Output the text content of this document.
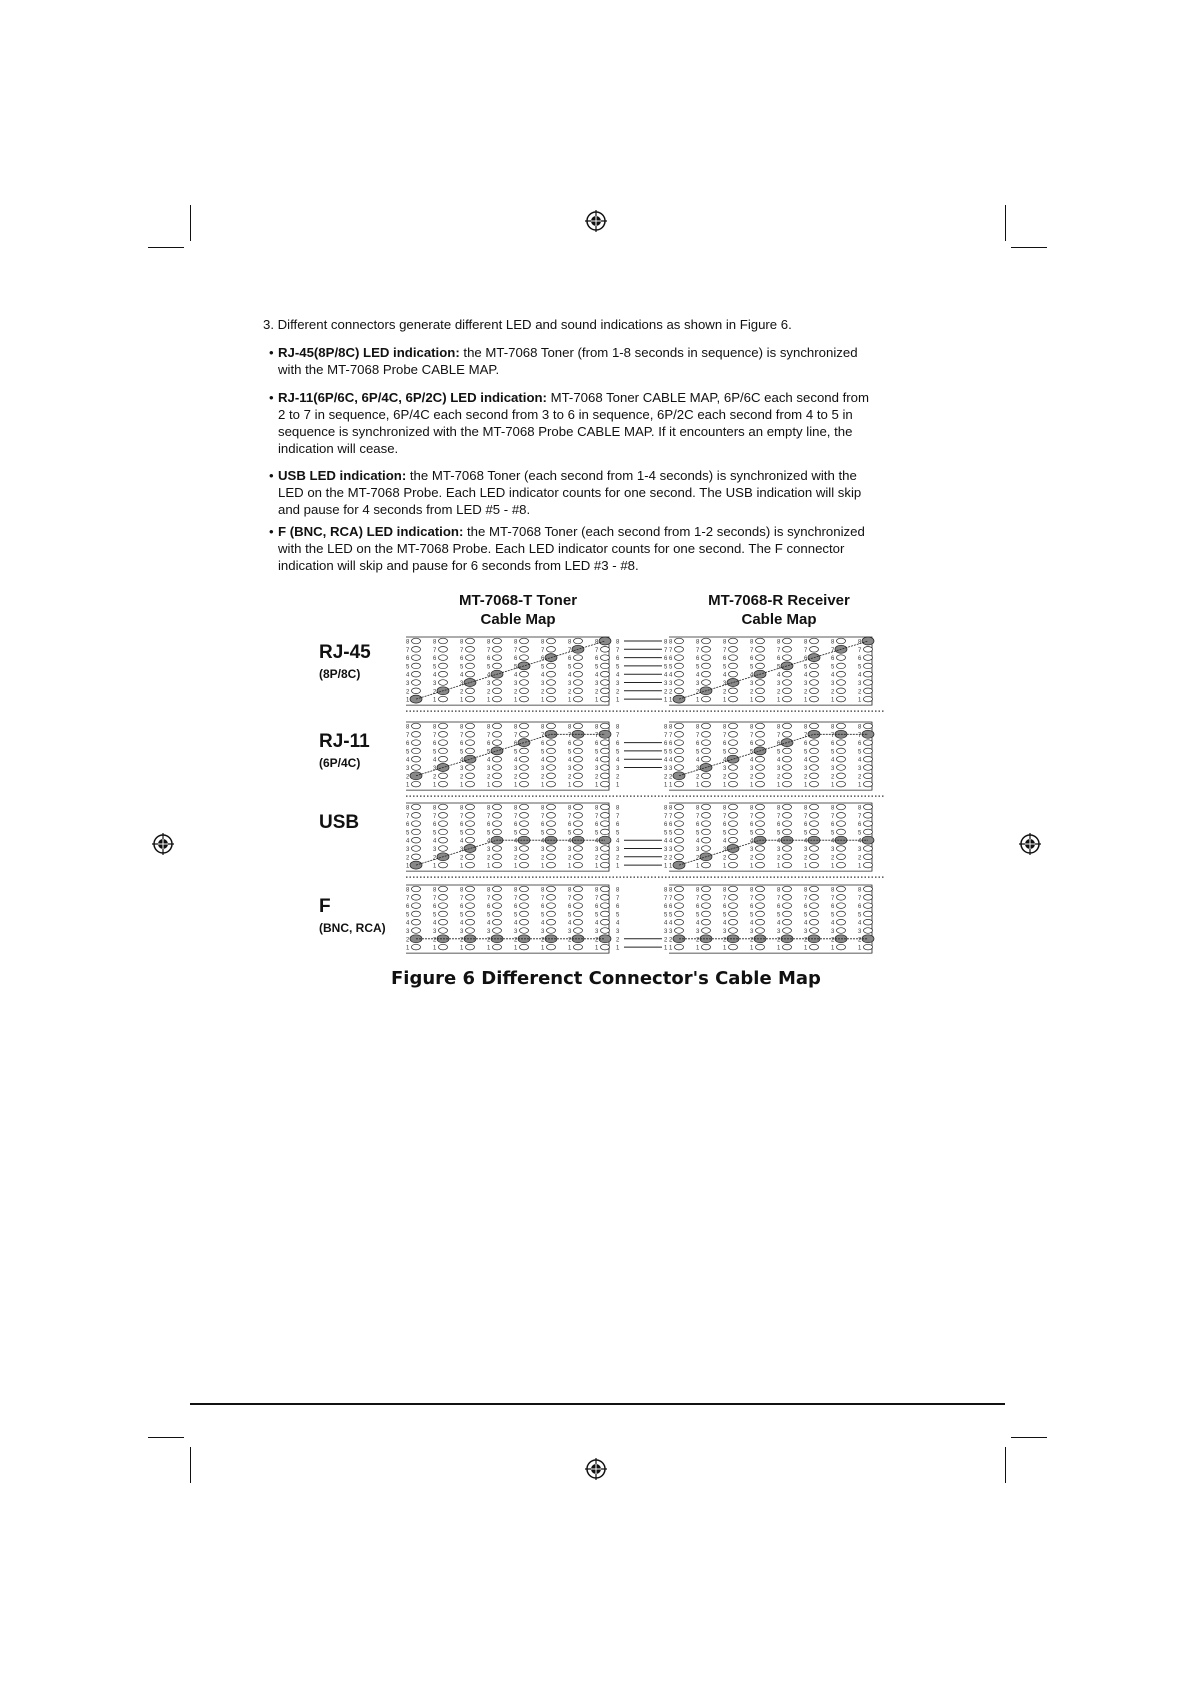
3. Different connectors generate different LED and sound indications as shown in Figure 6.
• RJ-45(8P/8C) LED indication: the MT-7068 Toner (from 1-8 seconds in sequence) is synchronized
with the MT-7068 Probe CABLE MAP.
• RJ-11(6P/6C, 6P/4C, 6P/2C) LED indication: MT-7068 Toner CABLE MAP, 6P/6C each second from
2 to 7 in sequence, 6P/4C each second from 3 to 6 in sequence, 6P/2C each second from 4 to 5 in
sequence is synchronized with the MT-7068 Probe CABLE MAP. If it encounters an empty line, the
indication will cease.
• USB LED indication: the MT-7068 Toner (each second from 1-4 seconds) is synchronized with the
LED on the MT-7068 Probe. Each LED indicator counts for one second. The USB indication will skip
and pause for 4 seconds from LED #5 - #8.
• F (BNC, RCA) LED indication: the MT-7068 Toner (each second from 1-2 seconds) is synchronized
with the LED on the MT-7068 Probe. Each LED indicator counts for one second. The F connector
indication will skip and pause for 6 seconds from LED #3 - #8.
MT-7068-T Toner
Cable Map
MT-7068-R Receiver
Cable Map
RJ-45
(8P/8C)
RJ-11
(6P/4C)
USB
F
(BNC, RCA)
8
7
6
5
4
3
2
1
8
7
6
5
4
3
2
1
8
7
6
5
4
3
2
1
8
7
6
5
4
3
2
1
8
7
6
5
4
3
2
1
8
7
6
5
4
3
2
1
8
7
6
5
4
3
2
1
8
7
6
5
4
3
2
1
8
7
6
5
4
3
2
1
8
7
6
5
4
3
2
1
8
7
6
5
4
3
2
1
8
7
6
5
4
3
2
1
8
7
6
5
4
3
2
1
8
7
6
5
4
3
2
1
8
7
6
5
4
3
2
1
8
7
6
5
4
3
2
1
8	8
7	7
6	6
5	5
4	4
3	3
2	2
1	1
8
7
6
5
4
3
2
1
8
7
6
5
4
3
2
1
8
7
6
5
4
3
2
1
8
7
6
5
4
3
2
1
8
7
6
5
4
3
2
1
8
7
6
5
4
3
2
1
8
7
6
5
4
3
2
1
8
7
6
5
4
3
2
1
8
7
6
5
4
3
2
1
8
7
6
5
4
3
2
1
8
7
6
5
4
3
2
1
8
7
6
5
4
3
2
1
8
7
6
5
4
3
2
1
8
7
6
5
4
3
2
1
8
7
6
5
4
3
2
1
8
7
6
5
4
3
2
1
8	8
7	7
6	6
5	5
4	4
3	3
2	2
1	1
8
7
6
5
4
3
2
1
8
7
6
5
4
3
2
1
8
7
6
5
4
3
2
1
8
7
6
5
4
3
2
1
8
7
6
5
4
3
2
1
8
7
6
5
4
3
2
1
8
7
6
5
4
3
2
1
8
7
6
5
4
3
2
1
8
7
6
5
4
3
2
1
8
7
6
5
4
3
2
1
8
7
6
5
4
3
2
1
8
7
6
5
4
3
2
1
8
7
6
5
4
3
2
1
8
7
6
5
4
3
2
1
8
7
6
5
4
3
2
1
8
7
6
5
4
3
2
1
8	8
7	7
6	6
5	5
4	4
3	3
2	2
1	1
8
7
6
5
4
3
2
1
8
7
6
5
4
3
2
1
8
7
6
5
4
3
2
1
8
7
6
5
4
3
2
1
8
7
6
5
4
3
2
1
8
7
6
5
4
3
2
1
8
7
6
5
4
3
2
1
8
7
6
5
4
3
2
1
8
7
6
5
4
3
2
1
8
7
6
5
4
3
2
1
8
7
6
5
4
3
2
1
8
7
6
5
4
3
2
1
8
7
6
5
4
3
2
1
8
7
6
5
4
3
2
1
8
7
6
5
4
3
2
1
8
7
6
5
4
3
2
1
8	8
7	7
6	6
5	5
4	4
3	3
2	2
1	1
Figure 6 Differenct Connector's Cable Map
